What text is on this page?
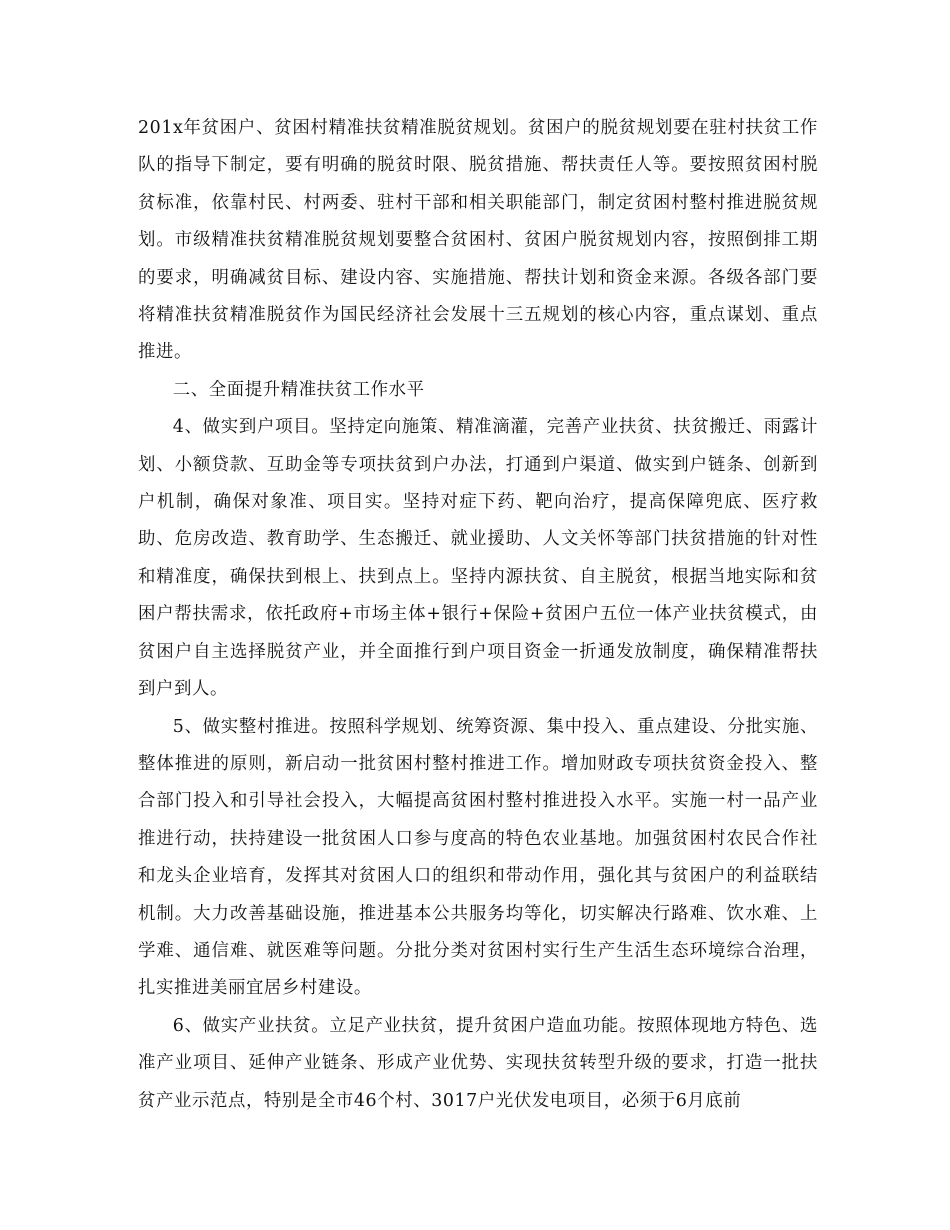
201x年贫困户、贫困村精准扶贫精准脱贫规划。贫困户的脱贫规划要在驻村扶贫工作队的指导下制定，要有明确的脱贫时限、脱贫措施、帮扶责任人等。要按照贫困村脱贫标准，依靠村民、村两委、驻村干部和相关职能部门，制定贫困村整村推进脱贫规划。市级精准扶贫精准脱贫规划要整合贫困村、贫困户脱贫规划内容，按照倒排工期的要求，明确减贫目标、建设内容、实施措施、帮扶计划和资金来源。各级各部门要将精准扶贫精准脱贫作为国民经济社会发展十三五规划的核心内容，重点谋划、重点推进。

二、全面提升精准扶贫工作水平

4、做实到户项目。坚持定向施策、精准滴灌，完善产业扶贫、扶贫搬迁、雨露计划、小额贷款、互助金等专项扶贫到户办法，打通到户渠道、做实到户链条、创新到户机制，确保对象准、项目实。坚持对症下药、靶向治疗，提高保障兜底、医疗救助、危房改造、教育助学、生态搬迁、就业援助、人文关怀等部门扶贫措施的针对性和精准度，确保扶到根上、扶到点上。坚持内源扶贫、自主脱贫，根据当地实际和贫困户帮扶需求，依托政府+市场主体+银行+保险+贫困户五位一体产业扶贫模式，由贫困户自主选择脱贫产业，并全面推行到户项目资金一折通发放制度，确保精准帮扶到户到人。

5、做实整村推进。按照科学规划、统筹资源、集中投入、重点建设、分批实施、整体推进的原则，新启动一批贫困村整村推进工作。增加财政专项扶贫资金投入、整合部门投入和引导社会投入，大幅提高贫困村整村推进投入水平。实施一村一品产业推进行动，扶持建设一批贫困人口参与度高的特色农业基地。加强贫困村农民合作社和龙头企业培育，发挥其对贫困人口的组织和带动作用，强化其与贫困户的利益联结机制。大力改善基础设施，推进基本公共服务均等化，切实解决行路难、饮水难、上学难、通信难、就医难等问题。分批分类对贫困村实行生产生活生态环境综合治理，扎实推进美丽宜居乡村建设。

6、做实产业扶贫。立足产业扶贫，提升贫困户造血功能。按照体现地方特色、选准产业项目、延伸产业链条、形成产业优势、实现扶贫转型升级的要求，打造一批扶贫产业示范点，特别是全市46个村、3017户光伏发电项目，必须于6月底前
